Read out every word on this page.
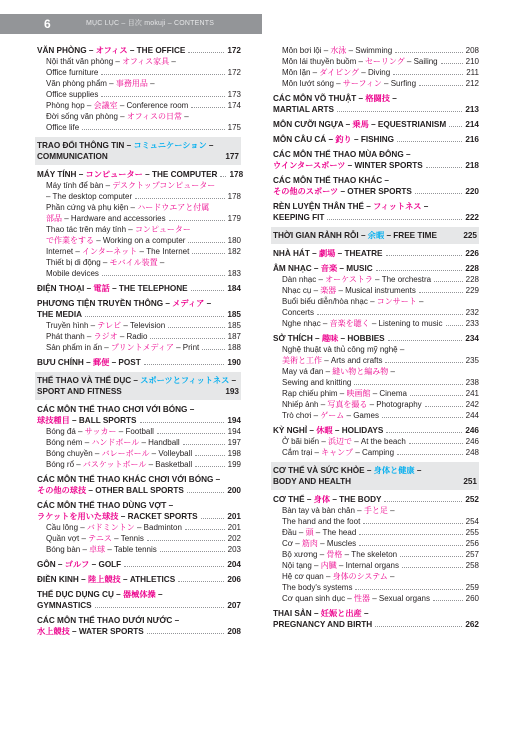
6	MỤC LỤC – 目次 mokuji – CONTENTS
VĂN PHÒNG – オフィス – THE OFFICE	172
Nội thất văn phòng – オフィス家具 –
Office furniture	172
Văn phòng phẩm – 事務用品 –
Office supplies	173
Phòng họp – 会議室 – Conference room	174
Đời sống văn phòng – オフィスの日常 –
Office life	175
TRAO ĐỔI THÔNG TIN – コミュニケーション –
COMMUNICATION	177
MÁY TÍNH – コンピューター – THE COMPUTER 178
Máy tính để bàn – デスクトップコンピューター
– The desktop computer	178
Phần cứng và phụ kiện – ハードウエアと付属
部品 – Hardware and accessories	179
Thao tác trên máy tính – コンピューター
で作業をする – Working on a computer	180
Internet – インターネット – The Internet	182
Thiết bị di động – モバイル装置 –
Mobile devices	183
ĐIỆN THOẠI – 電話 – THE TELEPHONE	184
PHƯƠNG TIỆN TRUYỀN THÔNG – メディア –
THE MEDIA	185
Truyền hình – テレビ – Television	185
Phát thanh – ラジオ – Radio	187
Sản phẩm in ấn – プリントメディア – Print	188
BƯU CHÍNH – 郵便 – POST	190
THỂ THAO VÀ THỂ DỤC – スポーツとフィットネス –
SPORT AND FITNESS	193
CÁC MÔN THỂ THAO CHƠI VỚI BÓNG –
球技種目 – BALL SPORTS	194
Bóng đá – サッカー – Football	194
Bóng ném – ハンドボール – Handball	197
Bóng chuyền – バレーボール – Volleyball	198
Bóng rổ – バスケットボール – Basketball	199
CÁC MÔN THỂ THAO KHÁC CHƠI VỚI BÓNG –
その他の球技 – OTHER BALL SPORTS	200
CÁC MÔN THỂ THAO DÙNG VỢT –
ラケットを用いた球技 – RACKET SPORTS	201
Cầu lông – バドミントン – Badminton	201
Quần vợt – テニス – Tennis	202
Bóng bàn – 卓球 – Table tennis	203
GÔN – ゴルフ – GOLF	204
ĐIỀN KINH – 陸上競技 – ATHLETICS	206
THỂ DỤC DỤNG CỤ – 器械体操 –
GYMNASTICS	207
CÁC MÔN THỂ THAO DƯỚI NƯỚC –
水上競技 – WATER SPORTS	208
Môn bơi lội – 水泳 – Swimming	208
Môn lái thuyền buồm – セーリング – Sailing	210
Môn lặn – ダイビング – Diving	211
Môn lướt sóng – サーフィン – Surfing	212
CÁC MÔN VÕ THUẬT – 格闘技 –
MARTIAL ARTS	213
MÔN CƯỠI NGỰA – 乗馬 – EQUESTRIANISM 214
MÔN CÂU CÁ – 釣り – FISHING	216
CÁC MÔN THỂ THAO MÙA ĐÔNG –
ウインタースポーツ – WINTER SPORTS	218
CÁC MÔN THỂ THAO KHÁC –
その他のスポーツ – OTHER SPORTS	220
RÈN LUYỆN THÂN THỂ – フィットネス –
KEEPING FIT	222
THỜI GIAN RẢNH RỖI – 余暇 – FREE TIME	225
NHÀ HÁT – 劇場 – THEATRE	226
ÂM NHẠC – 音楽 – MUSIC	228
Dàn nhạc – オーケストラ – The orchestra	228
Nhạc cụ – 楽器 – Musical instruments	229
Buổi biểu diễn/hòa nhạc – コンサート –
Concerts	232
Nghe nhạc – 音楽を聴く – Listening to music	233
SỞ THÍCH – 趣味 – HOBBIES	234
Nghệ thuật và thủ công mỹ nghệ –
美術と工作 – Arts and crafts	235
May vá đan – 縫い物と編み物 –
Sewing and knitting	238
Rạp chiếu phim – 映画館 – Cinema	241
Nhiếp ảnh – 写真を撮る – Photography	242
Trò chơi – ゲーム – Games	244
KỲ NGHỈ – 休暇 – HOLIDAYS	246
Ở bãi biển – 浜辺で – At the beach	246
Cắm trại – キャンプ – Camping	248
CƠ THỂ VÀ SỨC KHỎE – 身体と健康 –
BODY AND HEALTH	251
CƠ THỂ – 身体 – THE BODY	252
Bàn tay và bàn chân – 手と足 –
The hand and the foot	254
Đầu – 頭 – The head	255
Cơ – 筋肉 – Muscles	256
Bộ xương – 骨格 – The skeleton	257
Nội tạng – 内臓 – Internal organs	258
Hệ cơ quan – 身体のシステム –
The body's systems	259
Cơ quan sinh dục – 性器 – Sexual organs	260
THAI SẢN – 妊娠と出産 –
PREGNANCY AND BIRTH	262
